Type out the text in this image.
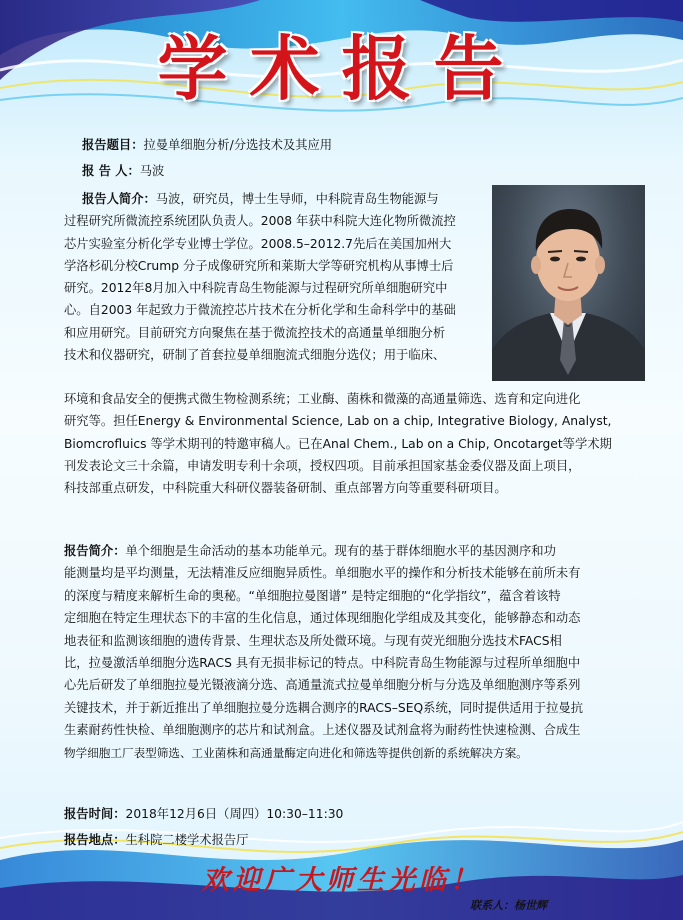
学术报告
报告题目：拉曼单细胞分析/分选技术及其应用
报 告 人：马波
报告人简介：马波，研究员，博士生导师，中科院青岛生物能源与
过程研究所微流控系统团队负责人。2008 年获中科院大连化物所微流控
芯片实验室分析化学专业博士学位。2008.5–2012.7先后在美国加州大
学洛杉矶分校Crump 分子成像研究所和莱斯大学等研究机构从事博士后
研究。2012年8月加入中科院青岛生物能源与过程研究所单细胞研究中
心。自2003 年起致力于微流控芯片技术在分析化学和生命科学中的基础
和应用研究。目前研究方向聚焦在基于微流控技术的高通量单细胞分析
技术和仪器研究，研制了首套拉曼单细胞流式细胞分选仪；用于临床、
环境和食品安全的便携式微生物检测系统；工业酶、菌株和微藻的高通量筛选、选育和定向进化
研究等。担任Energy & Environmental Science, Lab on a chip, Integrative Biology, Analyst,
Biomcrofluics 等学术期刊的特邀审稿人。已在Anal Chem., Lab on a Chip, Oncotarget等学术期
刊发表论文三十余篇，申请发明专利十余项，授权四项。目前承担国家基金委仪器及面上项目，
科技部重点研发，中科院重大科研仪器装备研制、重点部署方向等重要科研项目。
报告简介：单个细胞是生命活动的基本功能单元。现有的基于群体细胞水平的基因测序和功
能测量均是平均测量，无法精准反应细胞异质性。单细胞水平的操作和分析技术能够在前所未有
的深度与精度来解析生命的奥秘。“单细胞拉曼图谱” 是特定细胞的“化学指纹”，蕴含着该特
定细胞在特定生理状态下的丰富的生化信息，通过体现细胞化学组成及其变化，能够静态和动态
地表征和监测该细胞的遗传背景、生理状态及所处微环境。与现有荧光细胞分选技术FACS相
比，拉曼激活单细胞分选RACS 具有无损非标记的特点。中科院青岛生物能源与过程所单细胞中
心先后研发了单细胞拉曼光镊液滴分选、高通量流式拉曼单细胞分析与分选及单细胞测序等系列
关键技术，并于新近推出了单细胞拉曼分选耦合测序的RACS–SEQ系统，同时提供适用于拉曼抗
生素耐药性快检、单细胞测序的芯片和试剂盒。上述仪器及试剂盒将为耐药性快速检测、合成生
物学细胞工厂表型筛选、工业菌株和高通量酶定向进化和筛选等提供创新的系统解决方案。
报告时间：2018年12月6日（周四）10:30–11:30
报告地点：生科院二楼学术报告厅
欢迎广大师生光临！
联系人：杨世辉
